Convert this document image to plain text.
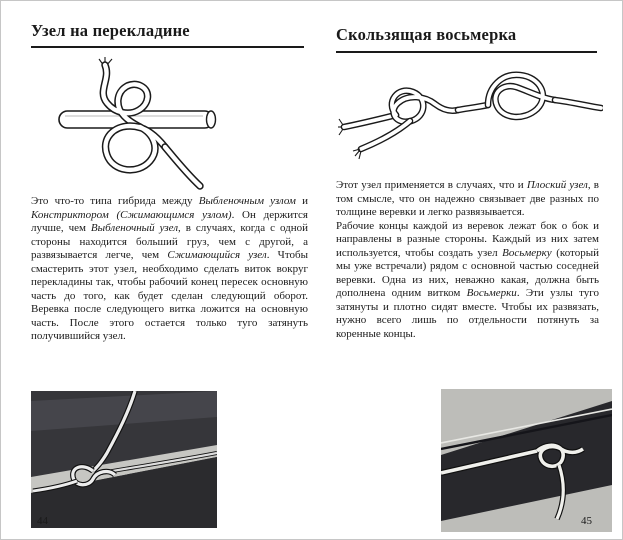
Узел на перекладине

Это что-то типа гибрида между Выбленочным узлом и Констриктором (Сжимающимся узлом). Он держится лучше, чем Выбленочный узел, в случаях, когда с одной стороны находится больший груз, чем с другой, а развязывается легче, чем Сжимающийся узел. Чтобы смастерить этот узел, необходимо сделать виток вокруг перекладины так, чтобы рабочий конец пересек основную часть до того, как будет сделан следующий оборот. Веревка после следующего витка ложится на основную часть. После этого остается только туго затянуть получившийся узел.

44
Скользящая восьмерка

Этот узел применяется в случаях, что и Плоский узел, в том смысле, что он надежно связывает две разных по толщине веревки и легко развязывается.

Рабочие концы каждой из веревок лежат бок о бок и направлены в разные стороны. Каждый из них затем используется, чтобы создать узел Восьмерку (который мы уже встречали) рядом с основной частью соседней веревки. Одна из них, неважно какая, должна быть дополнена одним витком Восьмерки. Эти узлы туго затянуты и плотно сидят вместе. Чтобы их развязать, нужно всего лишь по отдельности потянуть за коренные концы.

45
